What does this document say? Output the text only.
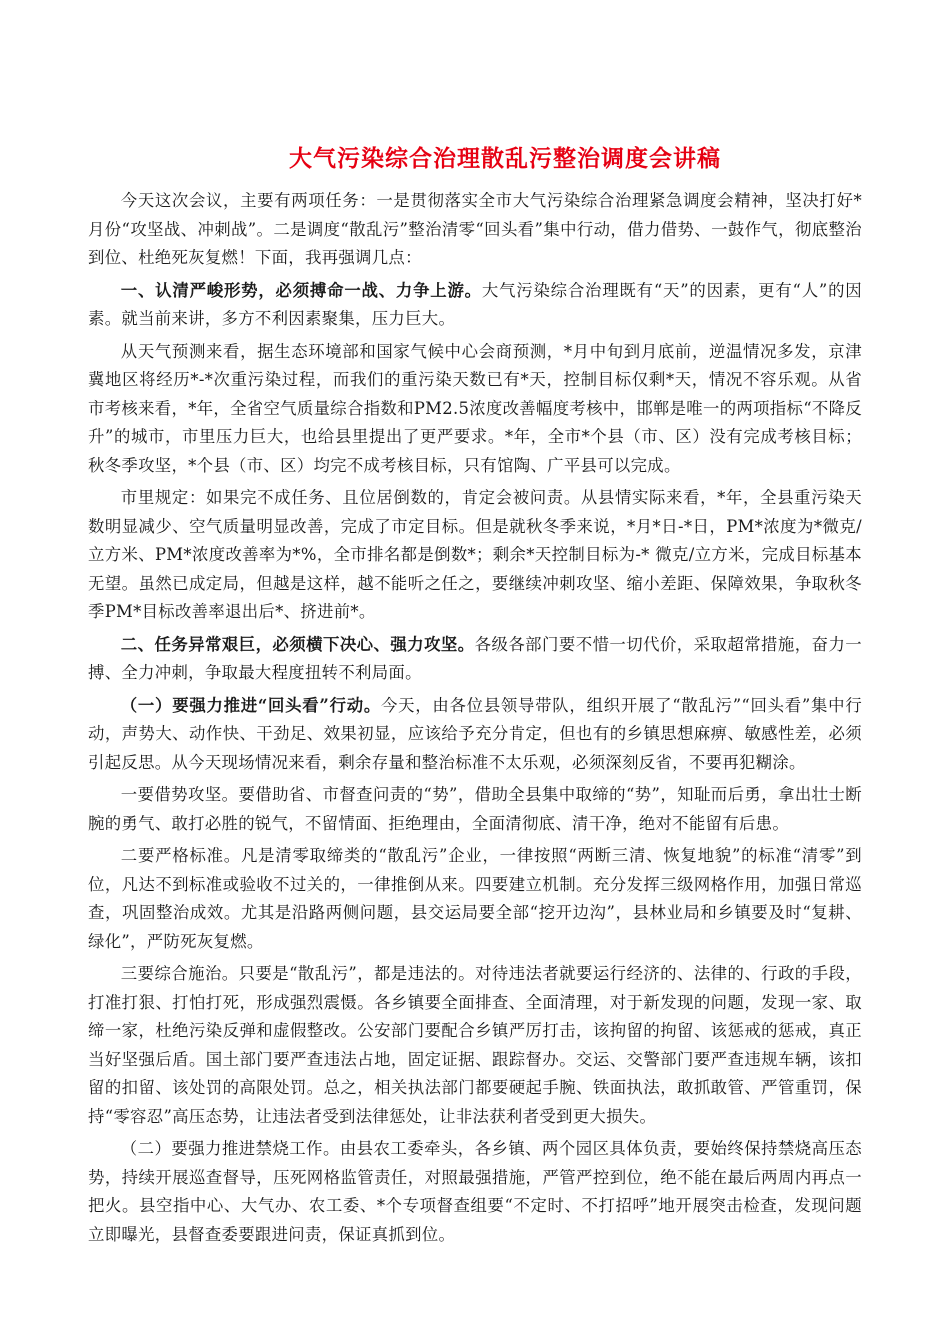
大气污染综合治理散乱污整治调度会讲稿

今天这次会议，主要有两项任务：一是贯彻落实全市大气污染综合治理紧急调度会精神，坚决打好*月份“攻坚战、冲刺战”。二是调度“散乱污”整治清零“回头看”集中行动，借力借势、一鼓作气，彻底整治到位、杜绝死灰复燃！下面，我再强调几点：

一、认清严峻形势，必须搏命一战、力争上游。大气污染综合治理既有“天”的因素，更有“人”的因素。就当前来讲，多方不利因素聚集，压力巨大。

从天气预测来看，据生态环境部和国家气候中心会商预测，*月中旬到月底前，逆温情况多发，京津冀地区将经历*-*次重污染过程，而我们的重污染天数已有*天，控制目标仅剩*天，情况不容乐观。从省市考核来看，*年，全省空气质量综合指数和PM2.5浓度改善幅度考核中，邯郸是唯一的两项指标“不降反升”的城市，市里压力巨大，也给县里提出了更严要求。*年，全市*个县（市、区）没有完成考核目标；秋冬季攻坚，*个县（市、区）均完不成考核目标，只有馆陶、广平县可以完成。

市里规定：如果完不成任务、且位居倒数的，肯定会被问责。从县情实际来看，*年，全县重污染天数明显减少、空气质量明显改善，完成了市定目标。但是就秋冬季来说，*月*日-*日，PM*浓度为*微克/立方米、PM*浓度改善率为*%，全市排名都是倒数*；剩余*天控制目标为-* 微克/立方米，完成目标基本无望。虽然已成定局，但越是这样，越不能听之任之，要继续冲刺攻坚、缩小差距、保障效果，争取秋冬季PM*目标改善率退出后*、挤进前*。

二、任务异常艰巨，必须横下决心、强力攻坚。各级各部门要不惜一切代价，采取超常措施，奋力一搏、全力冲刺，争取最大程度扭转不利局面。

（一）要强力推进“回头看”行动。今天，由各位县领导带队，组织开展了“散乱污”“回头看”集中行动，声势大、动作快、干劲足、效果初显，应该给予充分肯定，但也有的乡镇思想麻痹、敏感性差，必须引起反思。从今天现场情况来看，剩余存量和整治标准不太乐观，必须深刻反省，不要再犯糊涂。

一要借势攻坚。要借助省、市督查问责的“势”，借助全县集中取缔的“势”，知耻而后勇，拿出壮士断腕的勇气、敢打必胜的锐气，不留情面、拒绝理由，全面清彻底、清干净，绝对不能留有后患。

二要严格标准。凡是清零取缔类的“散乱污”企业，一律按照“两断三清、恢复地貌”的标准“清零”到位，凡达不到标准或验收不过关的，一律推倒从来。四要建立机制。充分发挥三级网格作用，加强日常巡查，巩固整治成效。尤其是沿路两侧问题，县交运局要全部“挖开边沟”，县林业局和乡镇要及时“复耕、绿化”，严防死灰复燃。

三要综合施治。只要是“散乱污”，都是违法的。对待违法者就要运行经济的、法律的、行政的手段，打准打狠、打怕打死，形成强烈震慑。各乡镇要全面排查、全面清理，对于新发现的问题，发现一家、取缔一家，杜绝污染反弹和虚假整改。公安部门要配合乡镇严厉打击，该拘留的拘留、该惩戒的惩戒，真正当好坚强后盾。国土部门要严查违法占地，固定证据、跟踪督办。交运、交警部门要严查违规车辆，该扣留的扣留、该处罚的高限处罚。总之，相关执法部门都要硬起手腕、铁面执法，敢抓敢管、严管重罚，保持“零容忍”高压态势，让违法者受到法律惩处，让非法获利者受到更大损失。

（二）要强力推进禁烧工作。由县农工委牵头，各乡镇、两个园区具体负责，要始终保持禁烧高压态势，持续开展巡查督导，压死网格监管责任，对照最强措施，严管严控到位，绝不能在最后两周内再点一把火。县空指中心、大气办、农工委、*个专项督查组要“不定时、不打招呼”地开展突击检查，发现问题立即曝光，县督查委要跟进问责，保证真抓到位。
